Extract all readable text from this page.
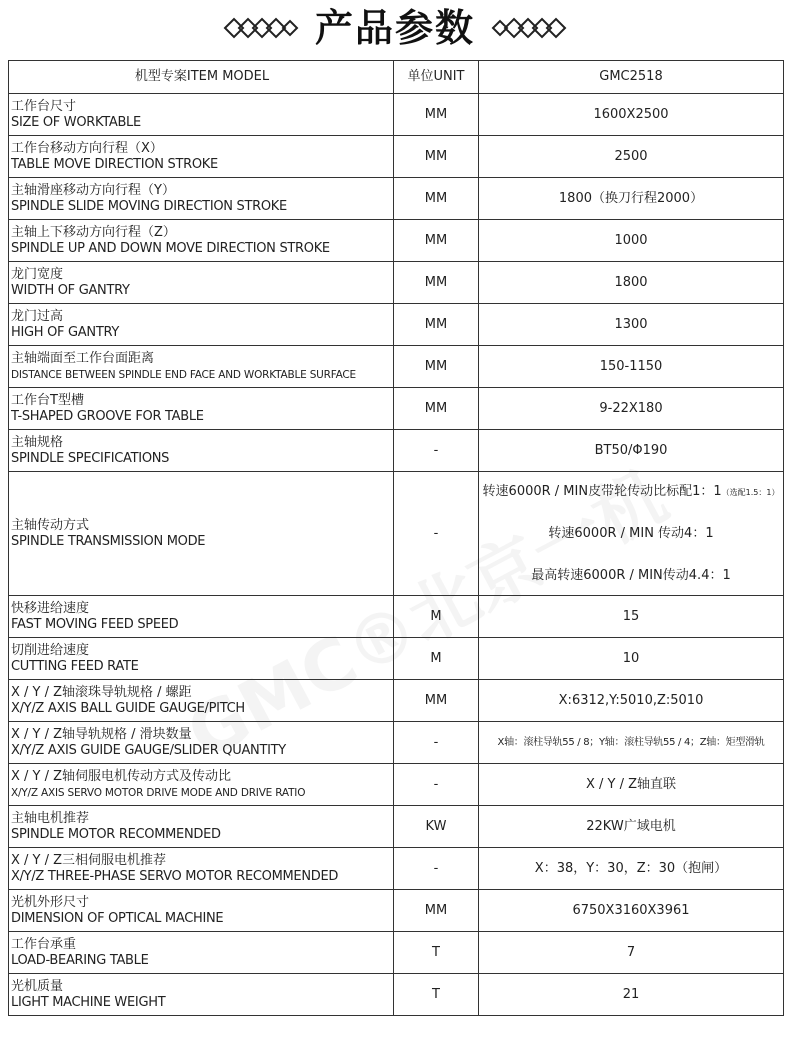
产品参数
机型专案ITEM MODEL	单位UNIT	GMC2518

工作台尺寸
SIZE OF WORKTABLE	MM	1600X2500

工作台移动方向行程（X）
TABLE MOVE DIRECTION STROKE	MM	2500

主轴滑座移动方向行程（Y）
SPINDLE SLIDE MOVING DIRECTION STROKE	MM	1800（换刀行程2000）

主轴上下移动方向行程（Z）
SPINDLE UP AND DOWN MOVE DIRECTION STROKE	MM	1000

龙门宽度
WIDTH OF GANTRY	MM	1800

龙门过高
HIGH OF GANTRY	MM	1300

主轴端面至工作台面距离
DISTANCE BETWEEN SPINDLE END FACE AND WORKTABLE SURFACE	MM	150-1150

工作台T型槽
T-SHAPED GROOVE FOR TABLE	MM	9-22X180

主轴规格
SPINDLE SPECIFICATIONS	-	BT50/Φ190

主轴传动方式
SPINDLE TRANSMISSION MODE	-	转速6000R / MIN皮带轮传动比标配1：1（选配1.5：1）
转速6000R / MIN 传动4：1
最高转速6000R / MIN传动4.4：1

快移进给速度
FAST MOVING FEED SPEED	M	15

切削进给速度
CUTTING FEED RATE	M	10

X / Y / Z轴滚珠导轨规格 / 螺距
X/Y/Z AXIS BALL GUIDE GAUGE/PITCH	MM	X:6312,Y:5010,Z:5010

X / Y / Z轴导轨规格 / 滑块数量
X/Y/Z AXIS GUIDE GAUGE/SLIDER QUANTITY	-	X轴：滚柱导轨55 / 8；Y轴：滚柱导轨55 / 4；Z轴：矩型滑轨

X / Y / Z轴伺服电机传动方式及传动比
X/Y/Z AXIS SERVO MOTOR DRIVE MODE AND DRIVE RATIO	-	X / Y / Z轴直联

主轴电机推荐
SPINDLE MOTOR RECOMMENDED	KW	22KW广域电机

X / Y / Z三相伺服电机推荐
X/Y/Z THREE-PHASE SERVO MOTOR RECOMMENDED	-	X：38，Y：30，Z：30（抱闸）

光机外形尺寸
DIMENSION OF OPTICAL MACHINE	MM	6750X3160X3961

工作台承重
LOAD-BEARING TABLE	T	7

光机质量
LIGHT MACHINE WEIGHT	T	21
